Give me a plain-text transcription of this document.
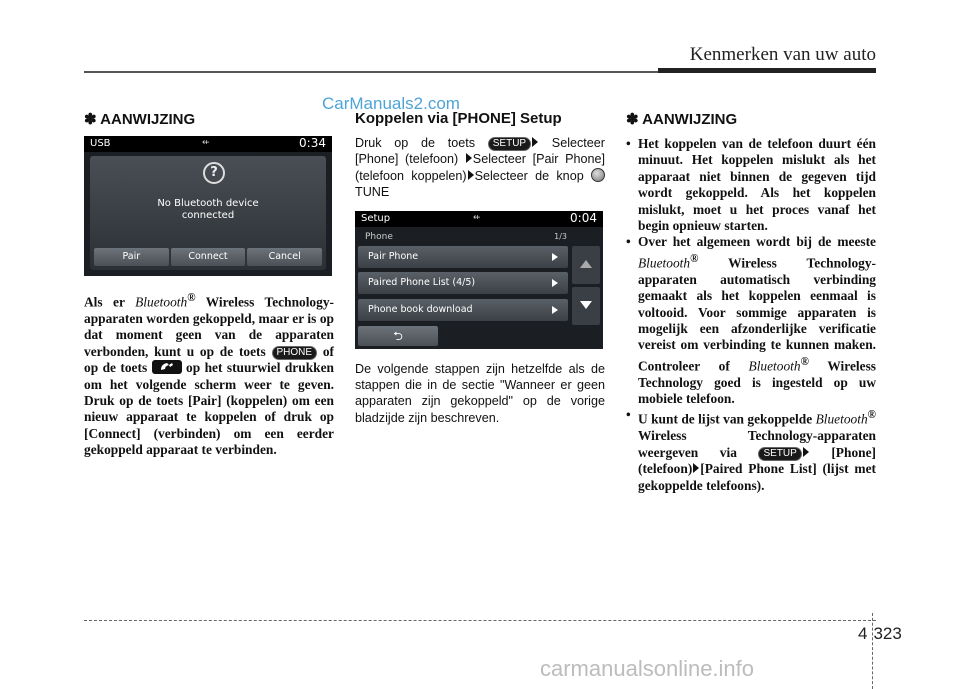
Kenmerken van uw auto
CarManuals2.com
✽ AANWIJZING
USB	⇷	0:34
?
No Bluetooth device
connected
Pair	Connect	Cancel

Als er Bluetooth® Wireless Technology-apparaten worden gekoppeld, maar er is op dat moment geen van de apparaten verbonden, kunt u op de toets PHONE of op de toets  op het stuurwiel drukken om het volgende scherm weer te geven. Druk op de toets [Pair] (koppelen) om een nieuw apparaat te koppelen of druk op [Connect] (verbinden) om een eerder gekoppeld apparaat te verbinden.

Koppelen via [PHONE] Setup

Druk op de toets SETUP Selecteer [Phone] (telefoon) Selecteer [Pair Phone] (telefoon koppelen) Selecteer de knop  TUNE

Setup	⇷	0:04
Phone	1/3
Pair Phone
Paired Phone List (4/5)
Phone book download
⮌

De volgende stappen zijn hetzelfde als de stappen die in de sectie "Wanneer er geen apparaten zijn gekoppeld" op de vorige bladzijde zijn beschreven.

✽ AANWIJZING
• Het koppelen van de telefoon duurt één minuut. Het koppelen mislukt als het apparaat niet binnen de gegeven tijd wordt gekoppeld. Als het koppelen mislukt, moet u het proces vanaf het begin opnieuw starten.
• Over het algemeen wordt bij de meeste Bluetooth® Wireless Technology-apparaten automatisch verbinding gemaakt als het koppelen eenmaal is voltooid. Voor sommige apparaten is mogelijk een afzonderlijke verificatie vereist om verbinding te kunnen maken. Controleer of Bluetooth® Wireless Technology goed is ingesteld op uw mobiele telefoon.
• U kunt de lijst van gekoppelde Bluetooth® Wireless Technology-apparaten weergeven via SETUP [Phone] (telefoon) [Paired Phone List] (lijst met gekoppelde telefoons).
4 323
carmanualsonline.info
